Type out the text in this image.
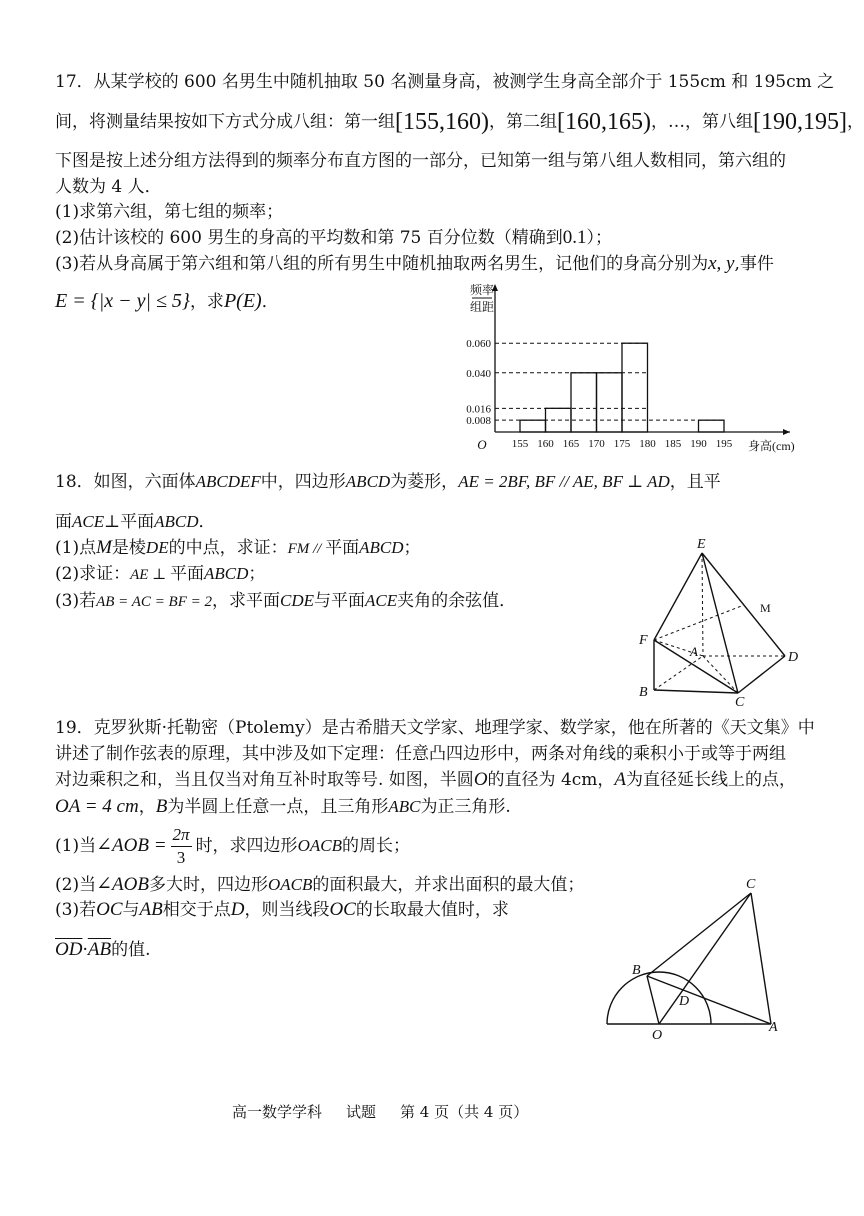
17．从某学校的 600 名男生中随机抽取 50 名测量身高，被测学生身高全部介于 155cm 和 195cm 之
间，将测量结果按如下方式分成八组：第一组[155,160)，第二组[160,165)，…，第八组[190,195]，
下图是按上述分组方法得到的频率分布直方图的一部分，已知第一组与第八组人数相同，第六组的
人数为 4 人．
(1)求第六组，第七组的频率；
(2)估计该校的 600 男生的身高的平均数和第 75 百分位数（精确到0.1）；
(3)若从身高属于第六组和第八组的所有男生中随机抽取两名男生，记他们的身高分别为x, y,事件
E = {|x − y| ≤ 5}，求P(E)．
0.060
0.040
0.016
0.008
155 160 165 170 175 180 185 190 195
频率
组距
O	身高(cm)
18．如图，六面体ABCDEF中，四边形ABCD为菱形，AE = 2BF, BF // AE, BF ⊥ AD，且平
面ACE⊥平面ABCD．
(1)点M是棱DE的中点，求证：FM // 平面ABCD；
(2)求证：AE ⊥ 平面ABCD；
(3)若AB = AC = BF = 2，求平面CDE与平面ACE夹角的余弦值．
E
M
F
A	D
B
C
19．克罗狄斯·托勒密（Ptolemy）是古希腊天文学家、地理学家、数学家，他在所著的《天文集》中
讲述了制作弦表的原理，其中涉及如下定理：任意凸四边形中，两条对角线的乘积小于或等于两组
对边乘积之和，当且仅当对角互补时取等号. 如图，半圆O的直径为 4cm，A为直径延长线上的点，
OA = 4 cm，B为半圆上任意一点，且三角形ABC为正三角形.
(1)当∠AOB = $\frac{2\pi}{3}$ 时，求四边形OACB的周长；
(2)当∠AOB多大时，四边形OACB的面积最大，并求出面积的最大值；
(3)若OC与AB相交于点D，则当线段OC的长取最大值时，求
$\overline{OD}\cdot\overline{AB}$的值.
C
B
D
O
A
高一数学学科 试题 第 4 页（共 4 页）
